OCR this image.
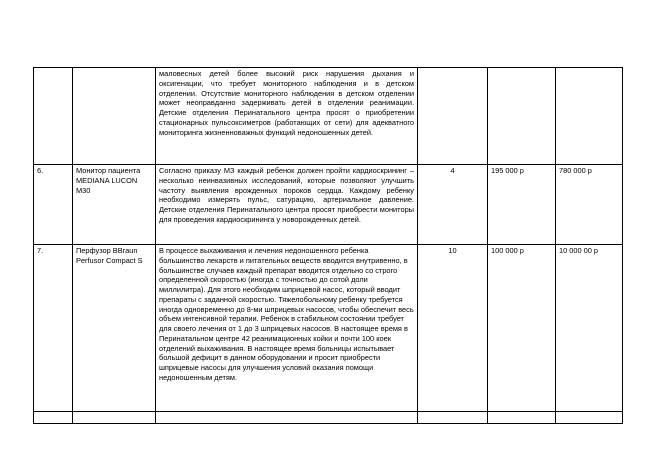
		маловесных детей более высокий риск нарушения дыхания и оксигенации, что требует мониторного наблюдения и в детском отделении. Отсутствие мониторного наблюдения в детском отделении может неоправданно задерживать детей в отделении реанимации. Детские отделения Перинатального центра просят о приобретении стационарных пульсоксиметров (работающих от сети) для адекватного мониторинга жизненноважных функций недоношенных детей.			
6.	Монитор пациента MEDIANA LUCON M30	Согласно приказу МЗ каждый ребенок должен пройти кардиоскрининг – несколько неинвазивных исследований, которые позволяют улучшить частоту выявления врожденных пороков сердца. Каждому ребенку необходимо измерять пульс, сатурацию, артериальное давление. Детские отделения Перинатального центра просят приобрести мониторы для проведения кардиоскрининга у новорожденных детей.	4	195 000 р	780 000 р
7.	Перфузор BBraun Perfusor Compact S	В процессе выхаживания и лечения недоношенного ребенка большинство лекарств и питательных веществ вводится внутривенно, в большинстве случаев каждый препарат вводится отдельно со строго определенной скоростью (иногда с точностью до сотой доли миллилитра). Для этого необходим шприцевой насос, который вводит препараты с заданной скоростью. Тяжелобольному ребенку требуется иногда одновременно до 8-ми шприцевых насосов, чтобы обеспечит весь объем интенсивной терапии. Ребенок в стабильном состоянии требует для своего лечения от 1 до 3 шприцевых насосов. В настоящее время в Перинатальном центре 42 реанимационных койки и почти 100 коек отделений выхаживания. В настоящее время больницы испытывает большой дефицит в данном оборудовании и просит приобрести шприцевые насосы для улучшения условий оказания помощи недоношенным детям.	10	100 000 р	10 000 00 р
